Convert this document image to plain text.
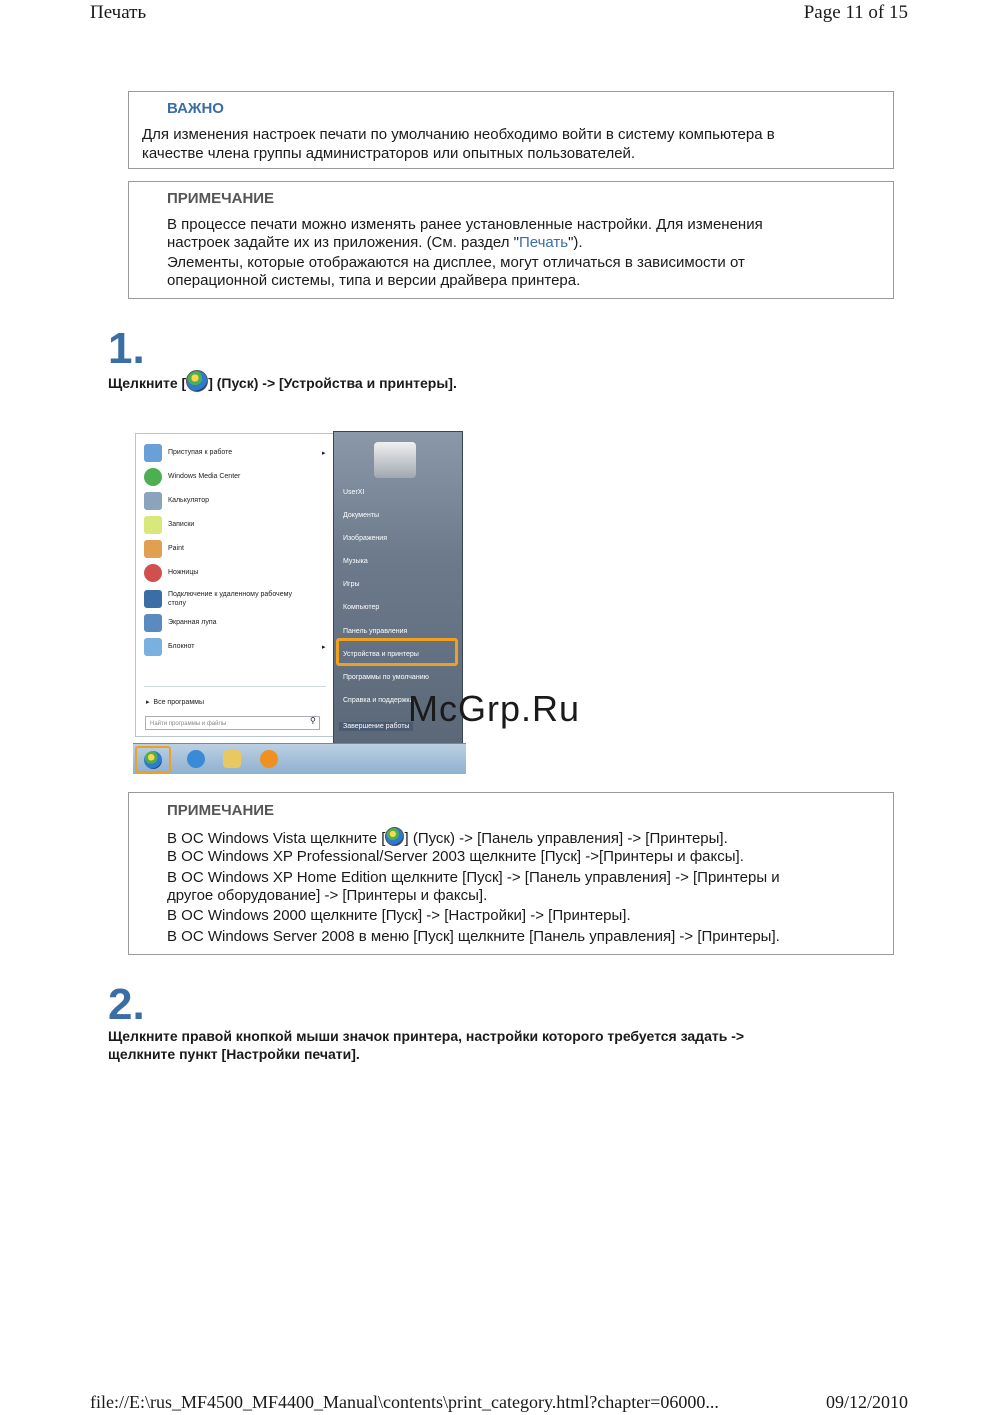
Печать	Page 11 of 15
ВАЖНО
Для изменения настроек печати по умолчанию необходимо войти в систему компьютера в
качестве члена группы администраторов или опытных пользователей.
ПРИМЕЧАНИЕ
В процессе печати можно изменять ранее установленные настройки. Для изменения
настроек задайте их из приложения. (См. раздел "Печать").
Элементы, которые отображаются на дисплее, могут отличаться в зависимости от
операционной системы, типа и версии драйвера принтера.
1.
Щелкните [ ] (Пуск) -> [Устройства и принтеры].
Приступая к работе	▸
Windows Media Center
Калькулятор
Записки
Paint
Ножницы
Подключение к удаленному рабочему столу
Экранная лупа
Блокнот	▸
▸  Все программы
Найти программы и файлы	⚲
UserXI
Документы
Изображения
Музыка
Игры
Компьютер
Панель управления
Устройства и принтеры
Программы по умолчанию
Справка и поддержка
Завершение работы
McGrp.Ru
ПРИМЕЧАНИЕ
В ОС Windows Vista щелкните [ ] (Пуск) -> [Панель управления] -> [Принтеры].
В ОС Windows XP Professional/Server 2003 щелкните [Пуск] ->[Принтеры и факсы].
В ОС Windows XP Home Edition щелкните [Пуск] -> [Панель управления] -> [Принтеры и
другое оборудование] -> [Принтеры и факсы].
В ОС Windows 2000 щелкните [Пуск] -> [Настройки] -> [Принтеры].
В ОС Windows Server 2008 в меню [Пуск] щелкните [Панель управления] -> [Принтеры].
2.
Щелкните правой кнопкой мыши значок принтера, настройки которого требуется задать ->
щелкните пункт [Настройки печати].
file://E:\rus_MF4500_MF4400_Manual\contents\print_category.html?chapter=06000...	09/12/2010
